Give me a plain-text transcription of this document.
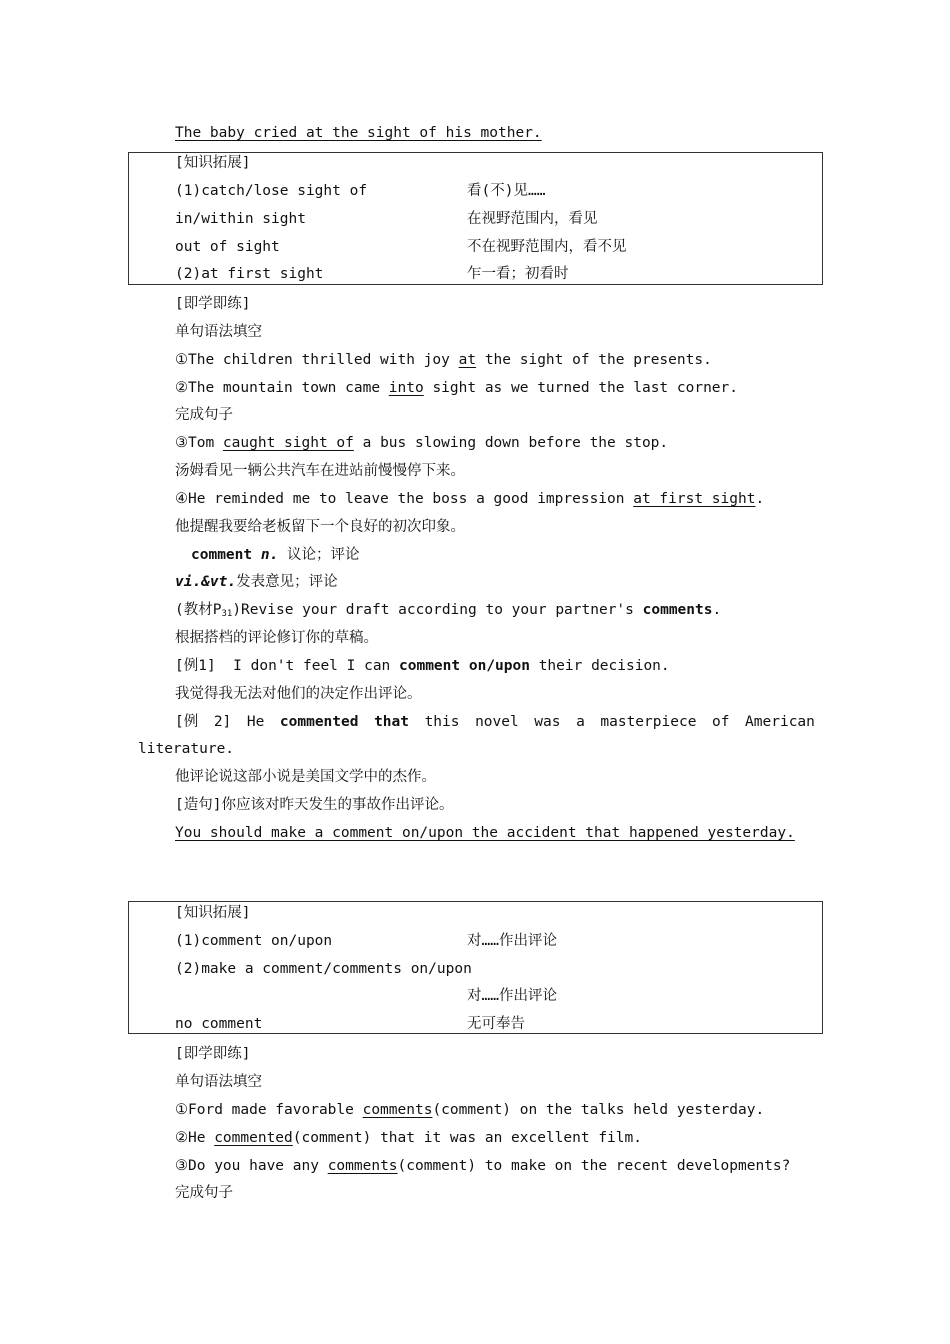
The baby cried at the sight of his mother.
[知识拓展]
(1)catch/lose sight of	看(不)见……
in/within sight	在视野范围内，看见
out of sight	不在视野范围内，看不见
(2)at first sight	乍一看；初看时
[即学即练]
单句语法填空
①The children thrilled with joy at the sight of the presents.
②The mountain town came into sight as we turned the last corner.
完成句子
③Tom caught sight of a bus slowing down before the stop.
汤姆看见一辆公共汽车在进站前慢慢停下来。
④He reminded me to leave the boss a good impression at first sight.
他提醒我要给老板留下一个良好的初次印象。
comment n. 议论；评论
vi.&vt.发表意见；评论
(教材$P_{31})Revise$ your draft according to your partner's comments.
根据搭档的评论修订你的草稿。
[例1]  I don't feel I can comment on/upon their decision.
我觉得我无法对他们的决定作出评论。
[例 2] He commented that this novel was a masterpiece of American
literature.
他评论说这部小说是美国文学中的杰作。
[造句]你应该对昨天发生的事故作出评论。
You should make a comment on/upon the accident that happened yesterday.
[知识拓展]
(1)comment on/upon	对……作出评论
(2)make a comment/comments on/upon
对……作出评论
no comment	无可奉告
[即学即练]
单句语法填空
①Ford made favorable comments(comment) on the talks held yesterday.
②He commented(comment) that it was an excellent film.
③Do you have any comments(comment) to make on the recent developments?
完成句子
